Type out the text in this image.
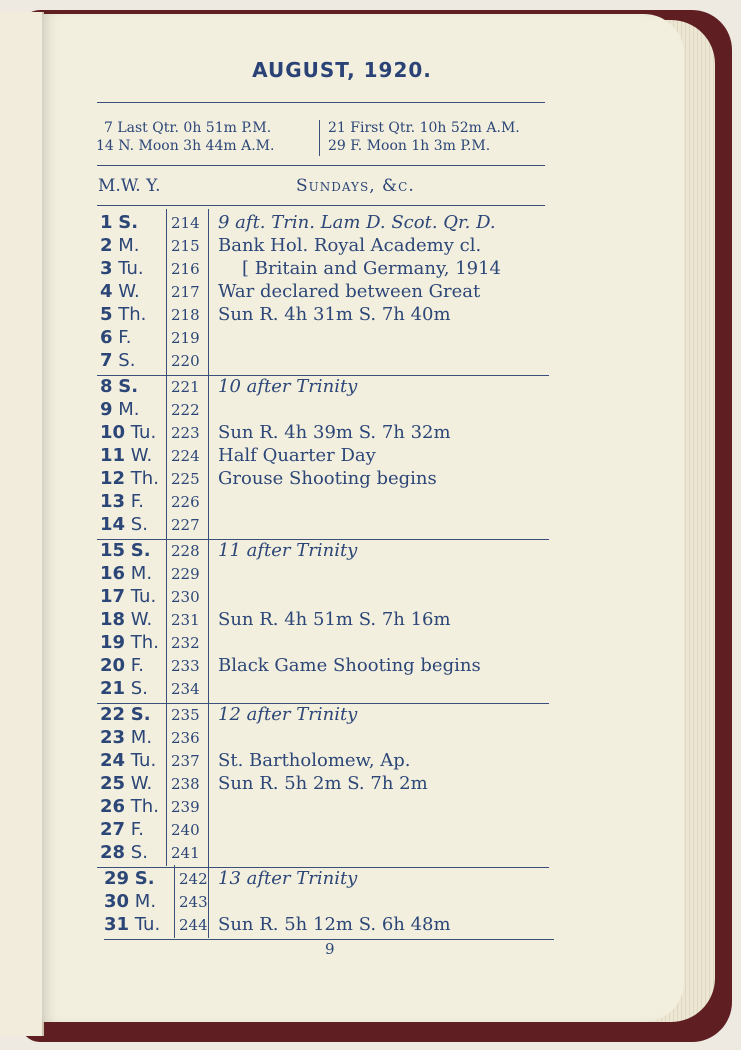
AUGUST, 1920.
7 Last Qtr. 0h 51m P.M.
14 N. Moon 3h 44m A.M.
21 First Qtr. 10h 52m A.M.
29 F. Moon 1h 3m P.M.
M.W. Y.	Sundays, &c.
1 S. 214 9 aft. Trin. Lam D. Scot. Qr. D.
2 M. 215 Bank Hol. Royal Academy cl.
3 Tu. 216 [ Britain and Germany, 1914
4 W. 217 War declared between Great
5 Th. 218 Sun R. 4h 31m S. 7h 40m
6 F.	219
7 S. 220
8 S. 221 10 after Trinity
9 M. 222
10 Tu. 223 Sun R. 4h 39m S. 7h 32m
11 W. 224 Half Quarter Day
12 Th. 225 Grouse Shooting begins
13 F. 226
14 S. 227
15 S. 228 11 after Trinity
16 M. 229
17 Tu. 230
18 W. 231 Sun R. 4h 51m S. 7h 16m
19 Th. 232
20 F. 233 Black Game Shooting begins
21 S. 234
22 S. 235 12 after Trinity
23 M. 236
24 Tu. 237 St. Bartholomew, Ap.
25 W. 238 Sun R. 5h 2m S. 7h 2m
26 Th. 239
27 F. 240
28 S. 241
29 S. 242 13 after Trinity
30 M. 243
31 Tu. 244 Sun R. 5h 12m S. 6h 48m
9
